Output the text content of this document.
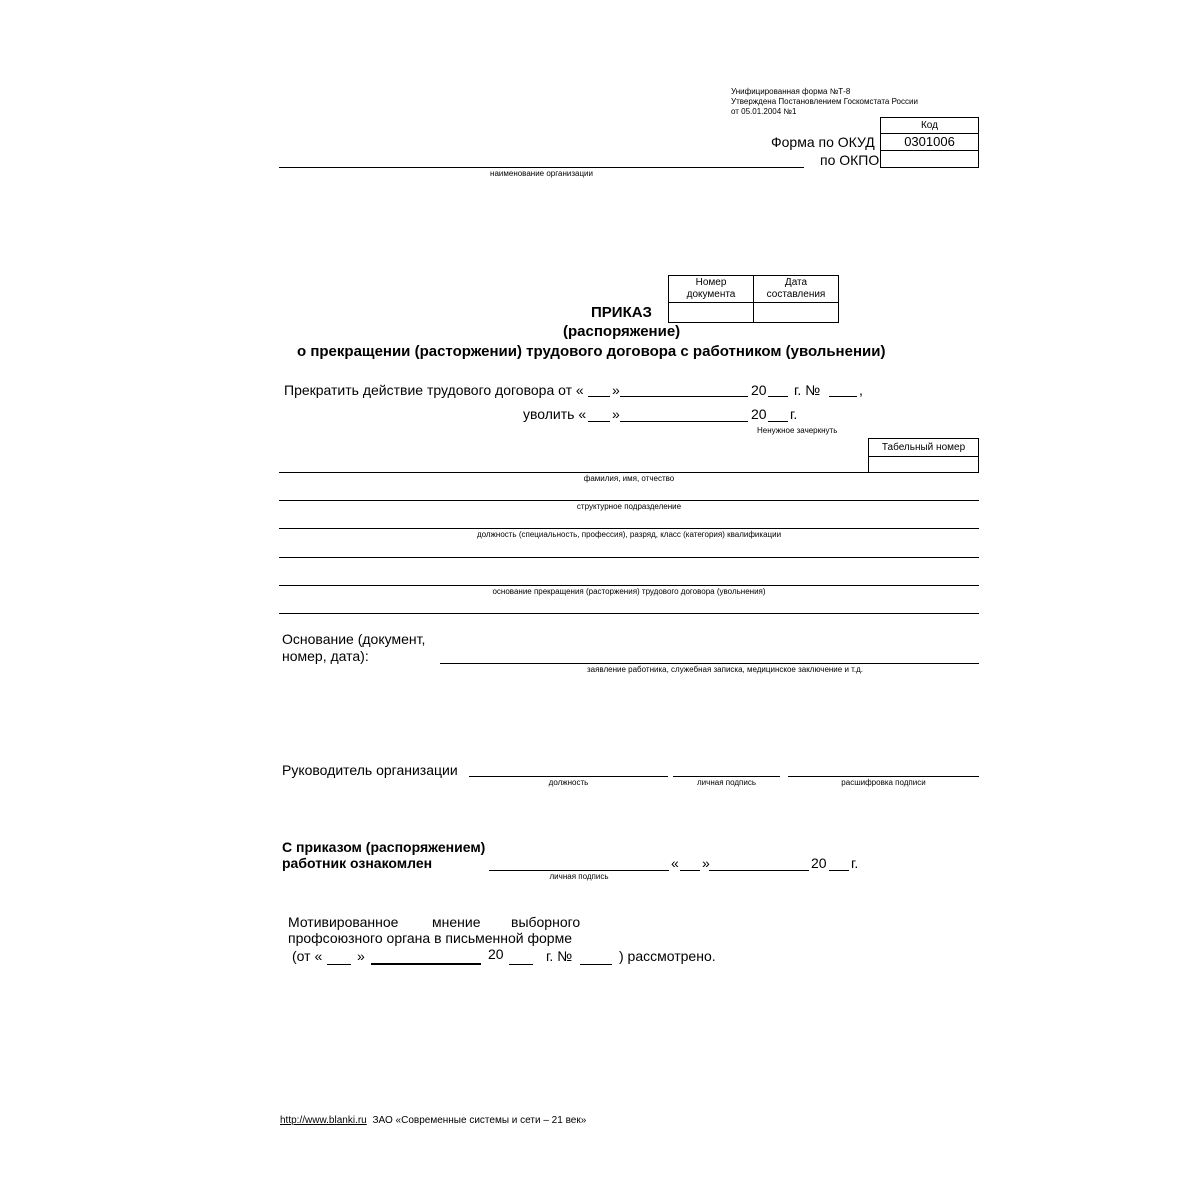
Унифицированная форма №Т-8
Утверждена Постановлением Госкомстата России
от 05.01.2004 №1
Код
0301006
Форма по ОКУД
по ОКПО
наименование организации
Номер документа
Дата составления
ПРИКАЗ
(распоряжение)
о прекращении (расторжении) трудового договора с работником (увольнении)
Прекратить действие трудового договора от « »	20 г. №	,
уволить « »	20 г.
Ненужное зачеркнуть
Табельный номер
фамилия, имя, отчество
структурное подразделение
должность (специальность, профессия), разряд, класс (категория) квалификации
основание прекращения (расторжения) трудового договора (увольнения)
Основание (документ,
номер, дата):
заявление работника, служебная записка, медицинское заключение и т.д.
Руководитель организации
должность	личная подпись	расшифровка подписи
С приказом (распоряжением)
работник ознакомлен
личная подпись
« »	20 г.
Мотивированное мнение выборного
профсоюзного органа в письменной форме
(от « »	20	г. №	) рассмотрено.
http://www.blanki.ru ЗАО «Современные системы и сети – 21 век»
